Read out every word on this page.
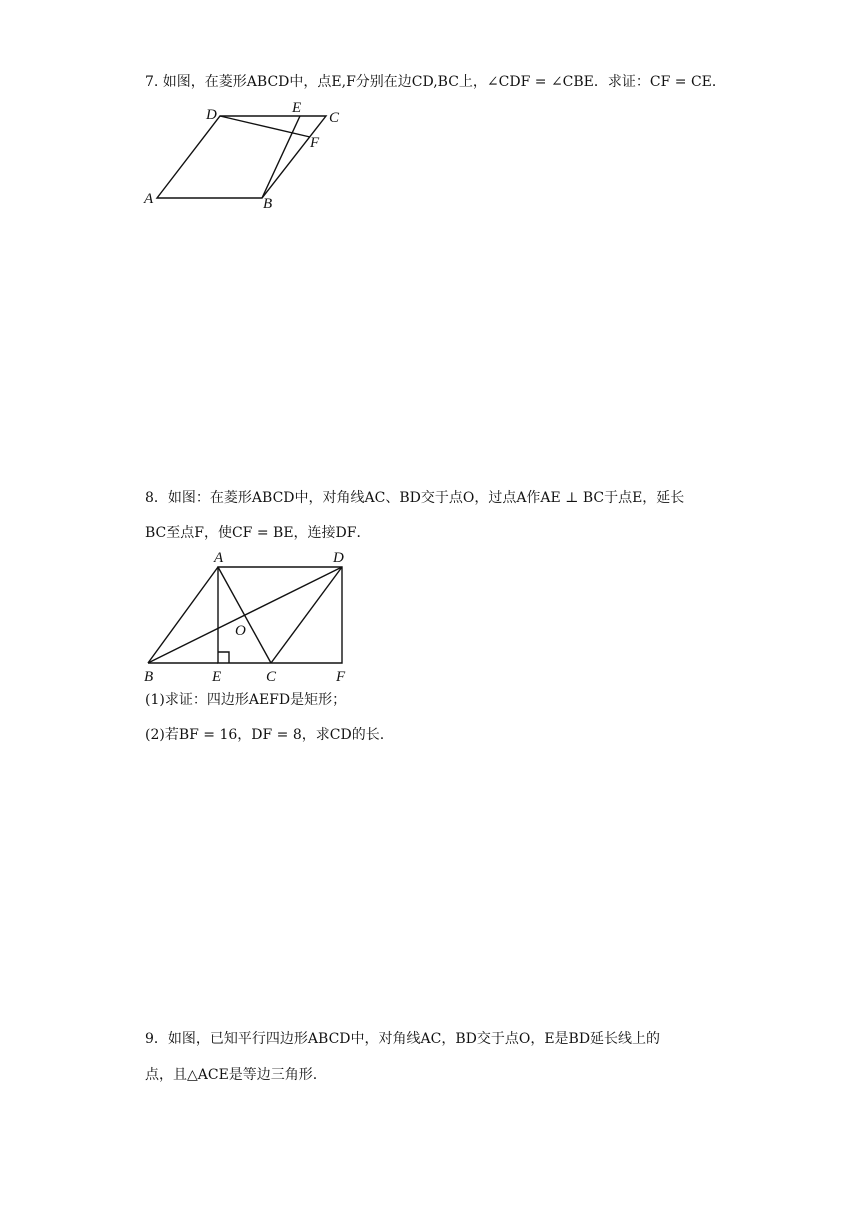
7. 如图，在菱形ABCD中，点E,F分别在边CD,BC上，∠CDF = ∠CBE．求证：CF = CE．
A	B
C
D	E
F
8．如图：在菱形ABCD中，对角线AC、BD交于点O，过点A作AE ⊥ BC于点E，延长
BC至点F，使CF = BE，连接DF．
A	D
O
B	E	C	F
(1)求证：四边形AEFD是矩形；
(2)若BF = 16，DF = 8，求CD的长.
9．如图，已知平行四边形ABCD中，对角线AC，BD交于点O，E是BD延长线上的
点，且△ACE是等边三角形.
